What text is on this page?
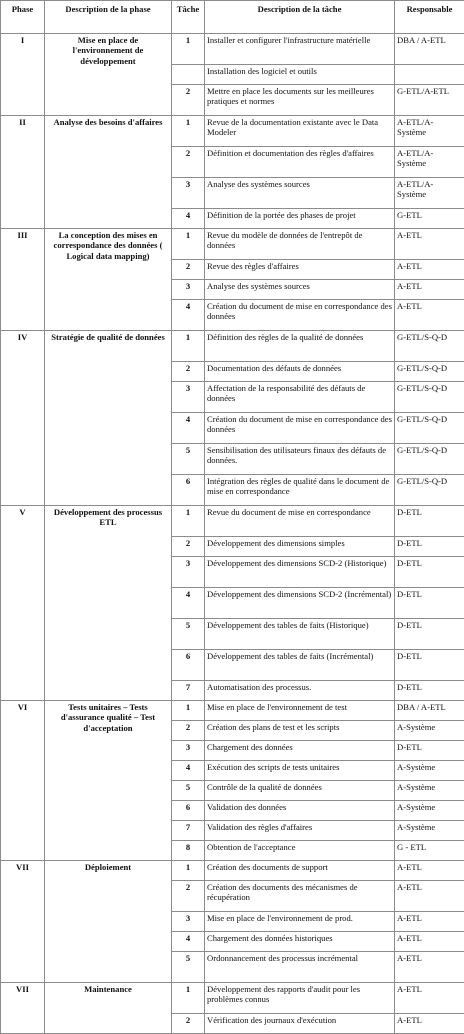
Phase	Description de la phase	Tâche	Description de la tâche	Responsable
I	Mise en place de l'environnement de développement	1	Installer et configurer l'infrastructure matérielle	DBA / A-ETL
			Installation des logiciel et outils	
		2	Mettre en place les documents sur les meilleures pratiques et normes	G-ETL/A-ETL
II	Analyse des besoins d'affaires	1	Revue de la documentation existante avec le Data Modeler	A-ETL/A-Système
		2	Définition et documentation des règles d'affaires	A-ETL/A-Système
		3	Analyse des systèmes sources	A-ETL/A-Système
		4	Définition de la portée des phases de projet	G-ETL
III	La conception des mises en correspondance des données ( Logical data mapping)	1	Revue du modèle de données de l'entrepôt de données	A-ETL
		2	Revue des règles d'affaires	A-ETL
		3	Analyse des systèmes sources	A-ETL
		4	Création du document de mise en correspondance des données	A-ETL
IV	Stratégie de qualité de données	1	Définition des règles de la qualité de données	G-ETL/S-Q-D
		2	Documentation des défauts de données	G-ETL/S-Q-D
		3	Affectation de la responsabilité des défauts de données	G-ETL/S-Q-D
		4	Création du document de mise en correspondance des données	G-ETL/S-Q-D
		5	Sensibilisation des utilisateurs finaux des défauts de données.	G-ETL/S-Q-D
		6	Intégration des règles de qualité dans le document de mise en correspondance	G-ETL/S-Q-D
V	Développement des processus ETL	1	Revue du document de mise en correspondance	D-ETL
		2	Développement des dimensions simples	D-ETL
		3	Développement des dimensions SCD-2 (Historique)	D-ETL
		4	Développement des dimensions SCD-2 (Incrémental)	D-ETL
		5	Développement des tables de faits (Historique)	D-ETL
		6	Développement des tables de faits (Incrémental)	D-ETL
		7	Automatisation des processus.	D-ETL
VI	Tests unitaires – Tests d'assurance qualité – Test d'acceptation	1	Mise en place de l'environnement de test	DBA / A-ETL
		2	Création des plans de test et les scripts	A-Système
		3	Chargement des données	D-ETL
		4	Exécution des scripts de tests unitaires	A-Système
		5	Contrôle de la qualité de données	A-Système
		6	Validation des données	A-Système
		7	Validation des règles d'affaires	A-Système
		8	Obtention de l'acceptance	G - ETL
VII	Déploiement	1	Création des documents de support	A-ETL
		2	Création des documents des mécanismes de récupération	A-ETL
		3	Mise en place de l'environnement de prod.	A-ETL
		4	Chargement des données historiques	A-ETL
		5	Ordonnancement des processus incrémental	A-ETL
VII	Maintenance	1	Développement des rapports d'audit pour les problèmes connus	A-ETL
		2	Vérification des journaux d'exécution	A-ETL
